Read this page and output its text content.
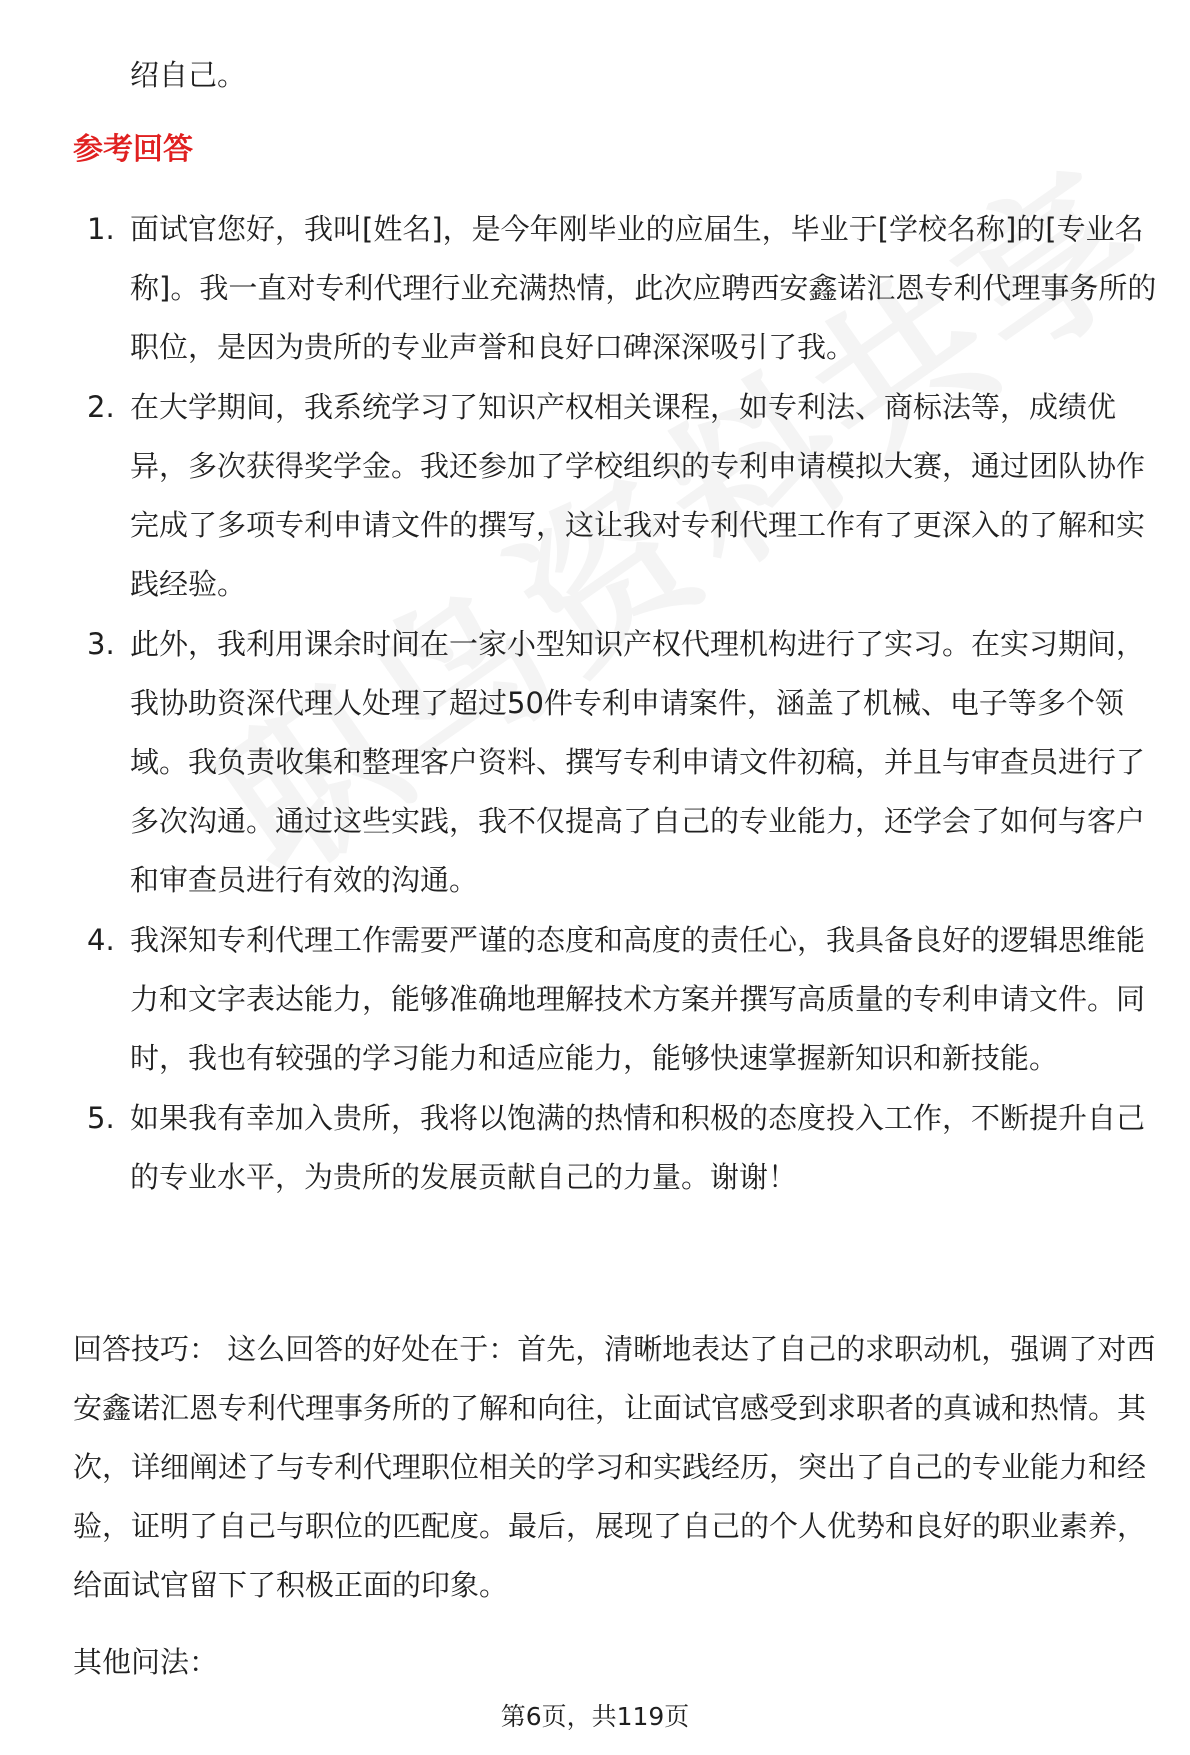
绍自己。
参考回答
1. 面试官您好，我叫[姓名]，是今年刚毕业的应届生，毕业于[学校名称]的[专业名称]。我一直对专利代理行业充满热情，此次应聘西安鑫诺汇恩专利代理事务所的职位，是因为贵所的专业声誉和良好口碑深深吸引了我。
2. 在大学期间，我系统学习了知识产权相关课程，如专利法、商标法等，成绩优异，多次获得奖学金。我还参加了学校组织的专利申请模拟大赛，通过团队协作完成了多项专利申请文件的撰写，这让我对专利代理工作有了更深入的了解和实践经验。
3. 此外，我利用课余时间在一家小型知识产权代理机构进行了实习。在实习期间，我协助资深代理人处理了超过50件专利申请案件，涵盖了机械、电子等多个领域。我负责收集和整理客户资料、撰写专利申请文件初稿，并且与审查员进行了多次沟通。通过这些实践，我不仅提高了自己的专业能力，还学会了如何与客户和审查员进行有效的沟通。
4. 我深知专利代理工作需要严谨的态度和高度的责任心，我具备良好的逻辑思维能力和文字表达能力，能够准确地理解技术方案并撰写高质量的专利申请文件。同时，我也有较强的学习能力和适应能力，能够快速掌握新知识和新技能。
5. 如果我有幸加入贵所，我将以饱满的热情和积极的态度投入工作，不断提升自己的专业水平，为贵所的发展贡献自己的力量。谢谢！

回答技巧： 这么回答的好处在于：首先，清晰地表达了自己的求职动机，强调了对西安鑫诺汇恩专利代理事务所的了解和向往，让面试官感受到求职者的真诚和热情。其次，详细阐述了与专利代理职位相关的学习和实践经历，突出了自己的专业能力和经验，证明了自己与职位的匹配度。最后，展现了自己的个人优势和良好的职业素养，给面试官留下了积极正面的印象。

其他问法：
第6页，共119页
